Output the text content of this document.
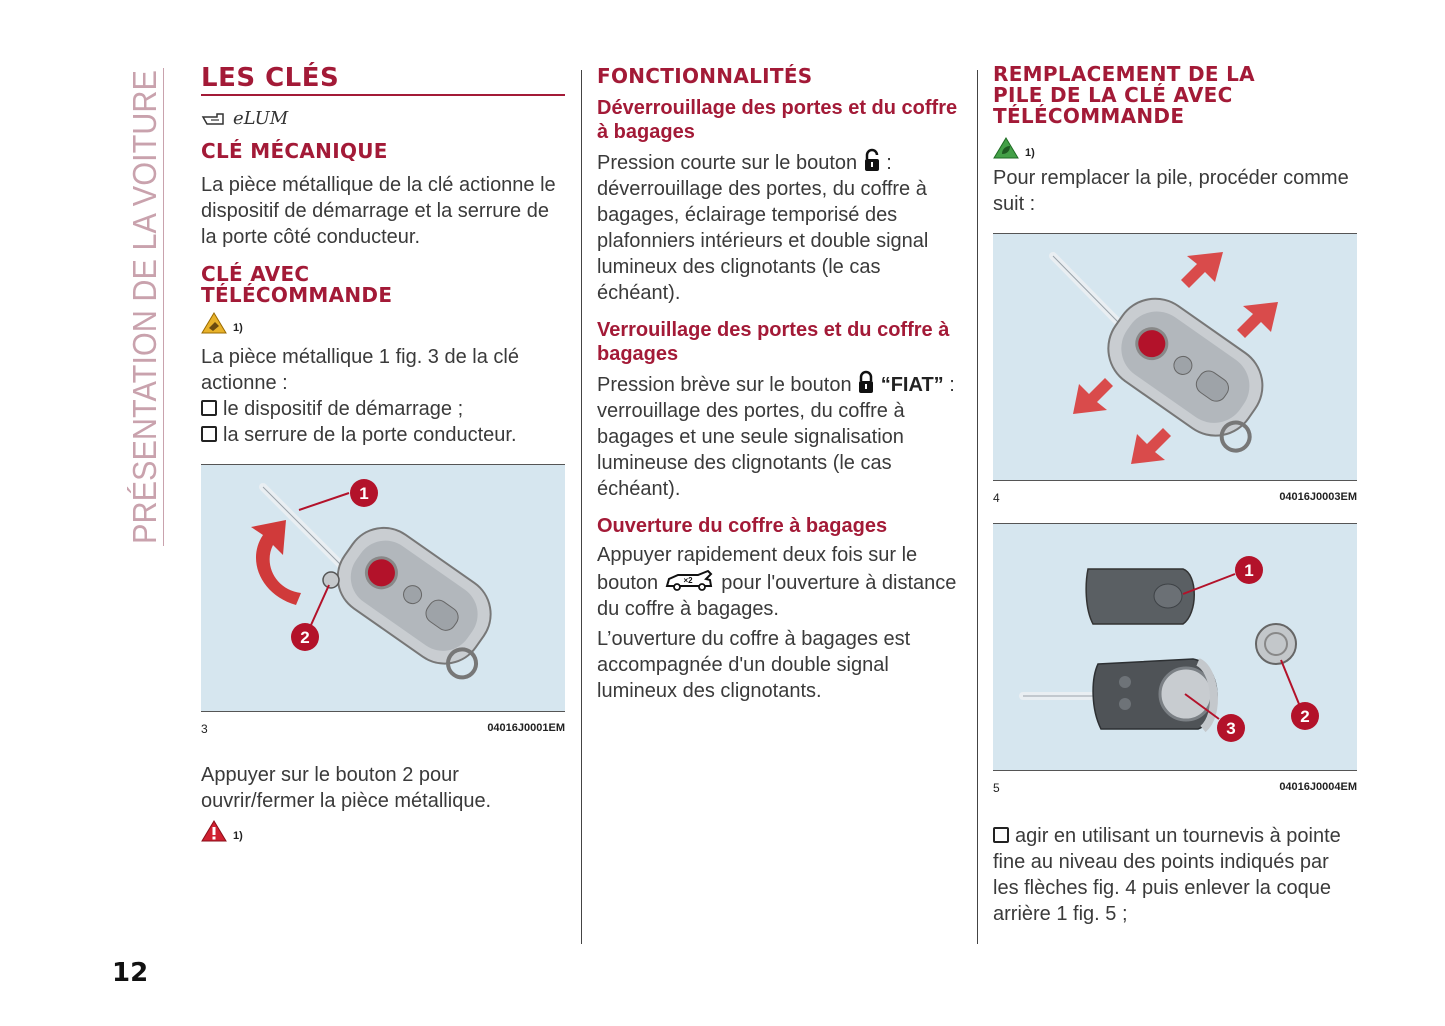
PRÉSENTATION DE LA VOITURE
12
LES CLÉS
eLUM
CLÉ MÉCANIQUE

La pièce métallique de la clé actionne le dispositif de démarrage et la serrure de la porte côté conducteur.

CLÉ AVEC
TÉLÉCOMMANDE
1)

La pièce métallique 1 fig. 3 de la clé actionne :

le dispositif de démarrage ;

la serrure de la porte conducteur.

1
2
3	04016J0001EM

Appuyer sur le bouton 2 pour ouvrir/fermer la pièce métallique.

1)
FONCTIONNALITÉS
Déverrouillage des portes et du coffre à bagages

Pression courte sur le bouton : déverrouillage des portes, du coffre à bagages, éclairage temporisé des plafonniers intérieurs et double signal lumineux des clignotants (le cas échéant).

Verrouillage des portes et du coffre à bagages

Pression brève sur le bouton “FIAT” : verrouillage des portes, du coffre à bagages et une seule signalisation lumineuse des clignotants (le cas échéant).

Ouverture du coffre à bagages

Appuyer rapidement deux fois sur le bouton	×2 pour l'ouverture à distance du coffre à bagages.

L’ouverture du coffre à bagages est accompagnée d'un double signal lumineux des clignotants.

REMPLACEMENT DE LA
PILE DE LA CLÉ AVEC
TÉLÉCOMMANDE
1)

Pour remplacer la pile, procéder comme suit :

4	04016J0003EM
1
2
3
5	04016J0004EM

agir en utilisant un tournevis à pointe fine au niveau des points indiqués par les flèches fig. 4 puis enlever la coque arrière 1 fig. 5 ;
